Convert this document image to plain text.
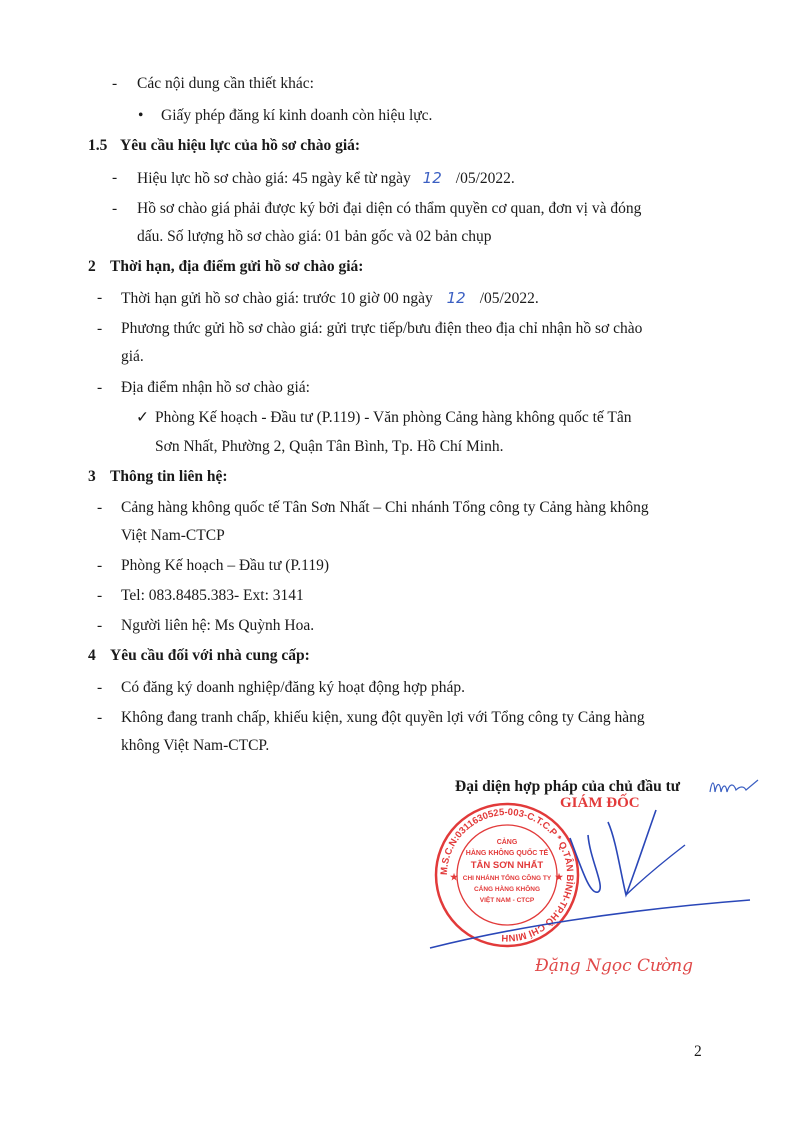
- Các nội dung cần thiết khác:
• Giấy phép đăng kí kinh doanh còn hiệu lực.
1.5 Yêu cầu hiệu lực của hồ sơ chào giá:
- Hiệu lực hồ sơ chào giá: 45 ngày kể từ ngày 12 /05/2022.
- Hồ sơ chào giá phải được ký bởi đại diện có thẩm quyền cơ quan, đơn vị và đóng
dấu. Số lượng hồ sơ chào giá: 01 bản gốc và 02 bản chụp
2 Thời hạn, địa điểm gửi hồ sơ chào giá:
- Thời hạn gửi hồ sơ chào giá: trước 10 giờ 00 ngày 12 /05/2022.
- Phương thức gửi hồ sơ chào giá: gửi trực tiếp/bưu điện theo địa chỉ nhận hồ sơ chào
giá.
- Địa điểm nhận hồ sơ chào giá:
✓ Phòng Kế hoạch - Đầu tư (P.119) - Văn phòng Cảng hàng không quốc tế Tân
Sơn Nhất, Phường 2, Quận Tân Bình, Tp. Hồ Chí Minh.
3 Thông tin liên hệ:
- Cảng hàng không quốc tế Tân Sơn Nhất – Chi nhánh Tổng công ty Cảng hàng không
Việt Nam-CTCP
- Phòng Kế hoạch – Đầu tư (P.119)
- Tel: 083.8485.383- Ext: 3141
- Người liên hệ: Ms Quỳnh Hoa.
4 Yêu cầu đối với nhà cung cấp:
- Có đăng ký doanh nghiệp/đăng ký hoạt động hợp pháp.
- Không đang tranh chấp, khiếu kiện, xung đột quyền lợi với Tổng công ty Cảng hàng
không Việt Nam-CTCP.
Đại diện hợp pháp của chủ đầu tư
GIÁM ĐỐC
M.S.C.N:0311630525-003-C.T.C.P * Q.TÂN BÌNH-TP.HỒ CHÍ MINH
CẢNG
HÀNG KHÔNG QUỐC TẾ
TÂN SƠN NHẤT
CHI NHÁNH TỔNG CÔNG TY
CẢNG HÀNG KHÔNG
VIỆT NAM - CTCP
★	★
Đặng Ngọc Cường
2
